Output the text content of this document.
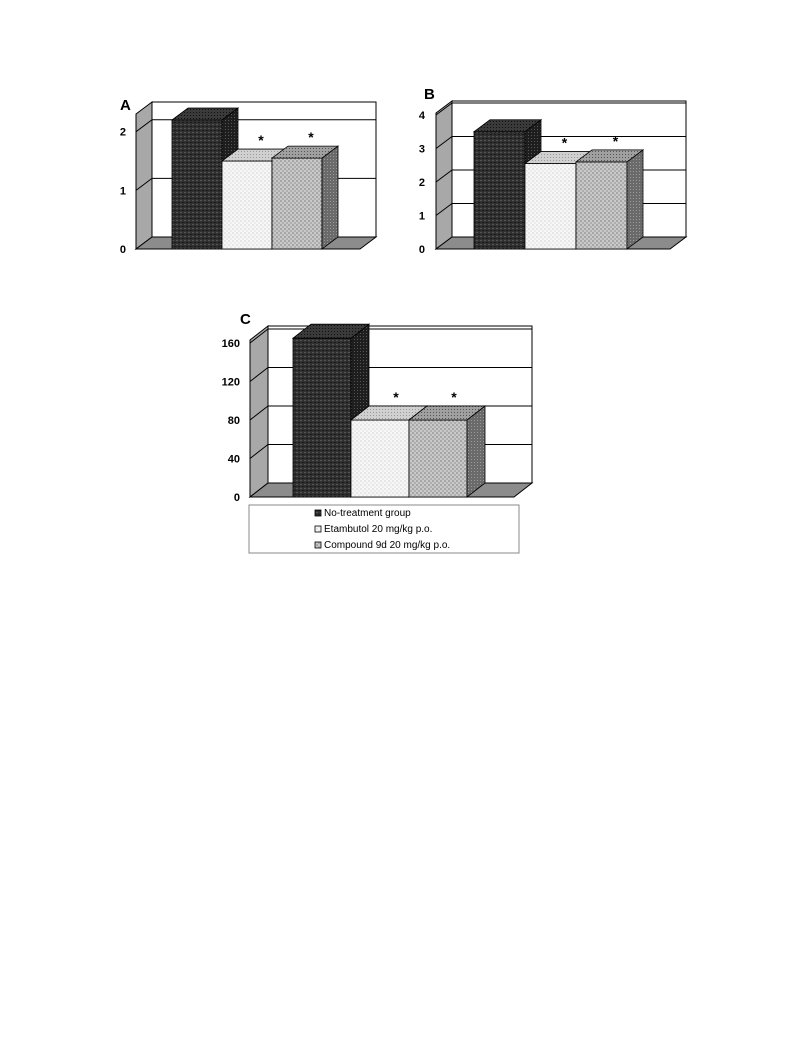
0
1
2
A
*	*
0
1
2
3
4
B
*	*
0
40
80
120
160
C
*	*
No-treatment group
Etambutol 20 mg/kg p.o.
Compound 9d 20 mg/kg p.o.
